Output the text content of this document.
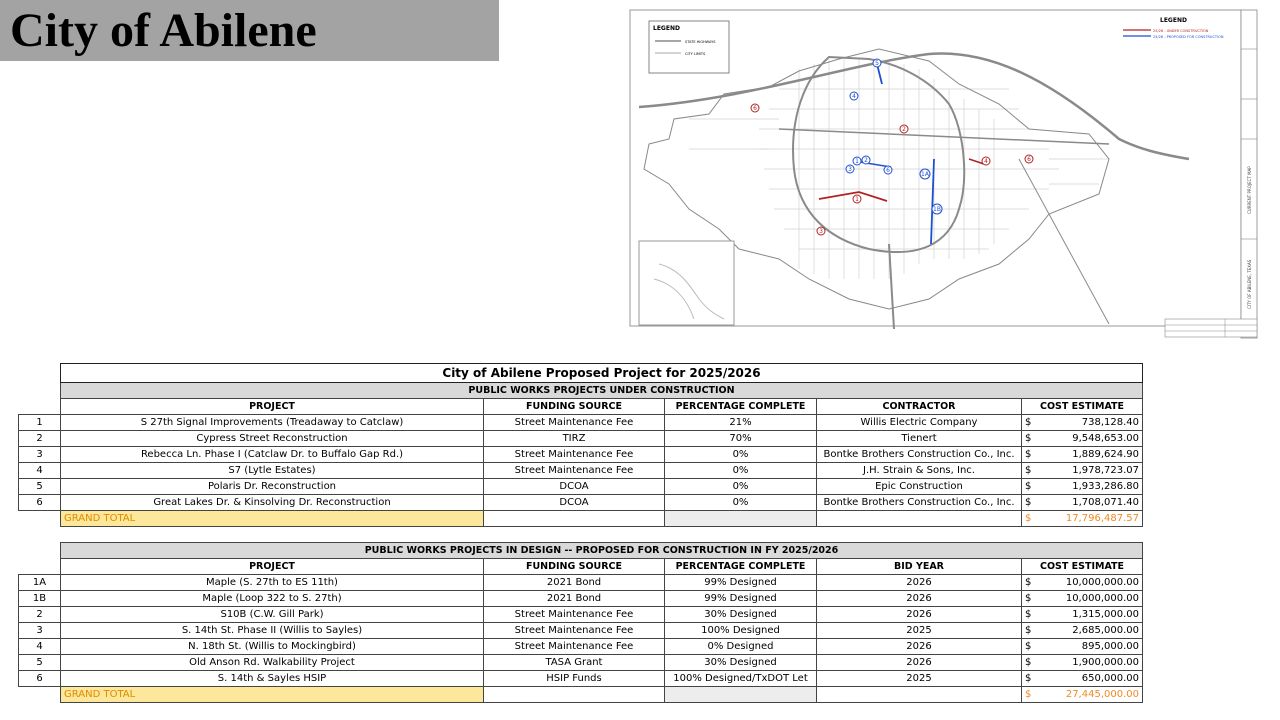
City of Abilene
6
5
4
2
1 2
3	6
1
1A
1B
4	6
3
LEGEND
STATE HIGHWAYS
CITY LIMITS
LEGEND
25/26 - UNDER CONSTRUCTION
25/26 - PROPOSED FOR CONSTRUCTION
CURRENT PROJECT MAP
CITY OF ABILENE, TEXAS
	City of Abilene Proposed Project for 2025/2026					
	PUBLIC WORKS PROJECTS UNDER CONSTRUCTION					
	PROJECT	FUNDING SOURCE	PERCENTAGE COMPLETE	CONTRACTOR	COST ESTIMATE	
1	S 27th Signal Improvements (Treadaway to Catclaw)	Street Maintenance Fee	21%	Willis Electric Company	$	738,128.40
2	Cypress Street Reconstruction	TIRZ	70%	Tienert	$	9,548,653.00
3	Rebecca Ln. Phase I (Catclaw Dr. to Buffalo Gap Rd.)	Street Maintenance Fee	0%	Bontke Brothers Construction Co., Inc.	$	1,889,624.90
4	S7 (Lytle Estates)	Street Maintenance Fee	0%	J.H. Strain & Sons, Inc.	$	1,978,723.07
5	Polaris Dr. Reconstruction	DCOA	0%	Epic Construction	$	1,933,286.80
6	Great Lakes Dr. & Kinsolving Dr. Reconstruction	DCOA	0%	Bontke Brothers Construction Co., Inc.	$	1,708,071.40
	GRAND TOTAL				$	17,796,487.57

	PUBLIC WORKS PROJECTS IN DESIGN -- PROPOSED FOR CONSTRUCTION IN FY 2025/2026					
	PROJECT	FUNDING SOURCE	PERCENTAGE COMPLETE	BID YEAR	COST ESTIMATE	
1A	Maple (S. 27th to ES 11th)	2021 Bond	99% Designed	2026	$	10,000,000.00
1B	Maple (Loop 322 to S. 27th)	2021 Bond	99% Designed	2026	$	10,000,000.00
2	S10B (C.W. Gill Park)	Street Maintenance Fee	30% Designed	2026	$	1,315,000.00
3	S. 14th St. Phase II (Willis to Sayles)	Street Maintenance Fee	100% Designed	2025	$	2,685,000.00
4	N. 18th St. (Willis to Mockingbird)	Street Maintenance Fee	0% Designed	2026	$	895,000.00
5	Old Anson Rd. Walkability Project	TASA Grant	30% Designed	2026	$	1,900,000.00
6	S. 14th & Sayles HSIP	HSIP Funds	100% Designed/TxDOT Let	2025	$	650,000.00
	GRAND TOTAL				$	27,445,000.00
